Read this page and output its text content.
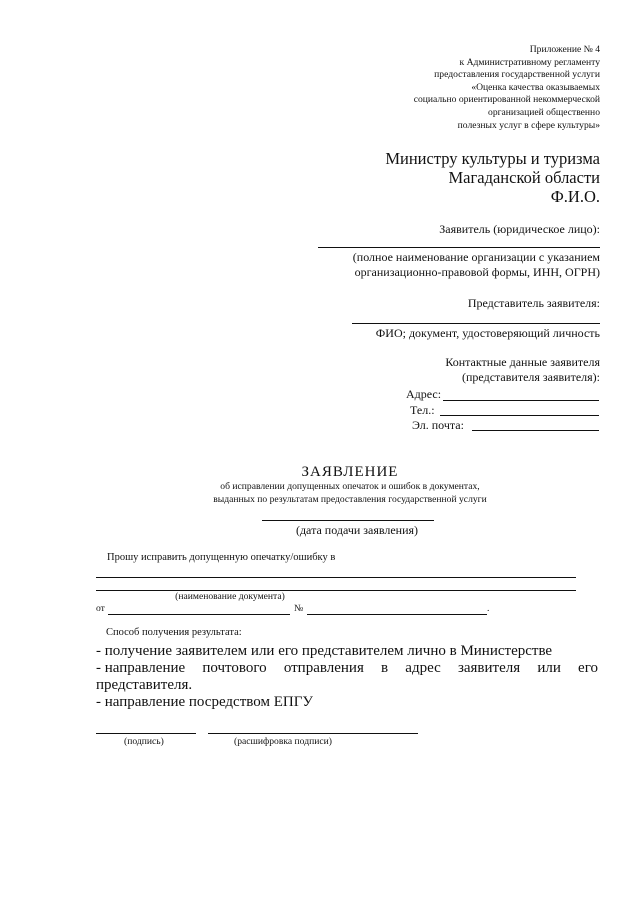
Приложение № 4
к Административному регламенту
предоставления государственной услуги
«Оценка качества оказываемых
социально ориентированной некоммерческой
организацией общественно
полезных услуг в сфере культуры»
Министру культуры и туризма
Магаданской области
Ф.И.О.
Заявитель (юридическое лицо):
(полное наименование организации с указанием
организационно-правовой формы, ИНН, ОГРН)
Представитель заявителя:
ФИО; документ, удостоверяющий личность
Контактные данные заявителя
(представителя заявителя):
Адрес:
Тел.:
Эл. почта:
ЗАЯВЛЕНИЕ
об исправлении допущенных опечаток и ошибок в документах,
выданных по результатам предоставления государственной услуги
(дата подачи заявления)
Прошу исправить допущенную опечатку/ошибку в
(наименование документа)
от	№	.
Способ получения результата:
- получение заявителем или его представителем лично в Министерстве
- направление почтового отправления в адрес заявителя или его
представителя.
- направление посредством ЕПГУ
(подпись)	(расшифровка подписи)
